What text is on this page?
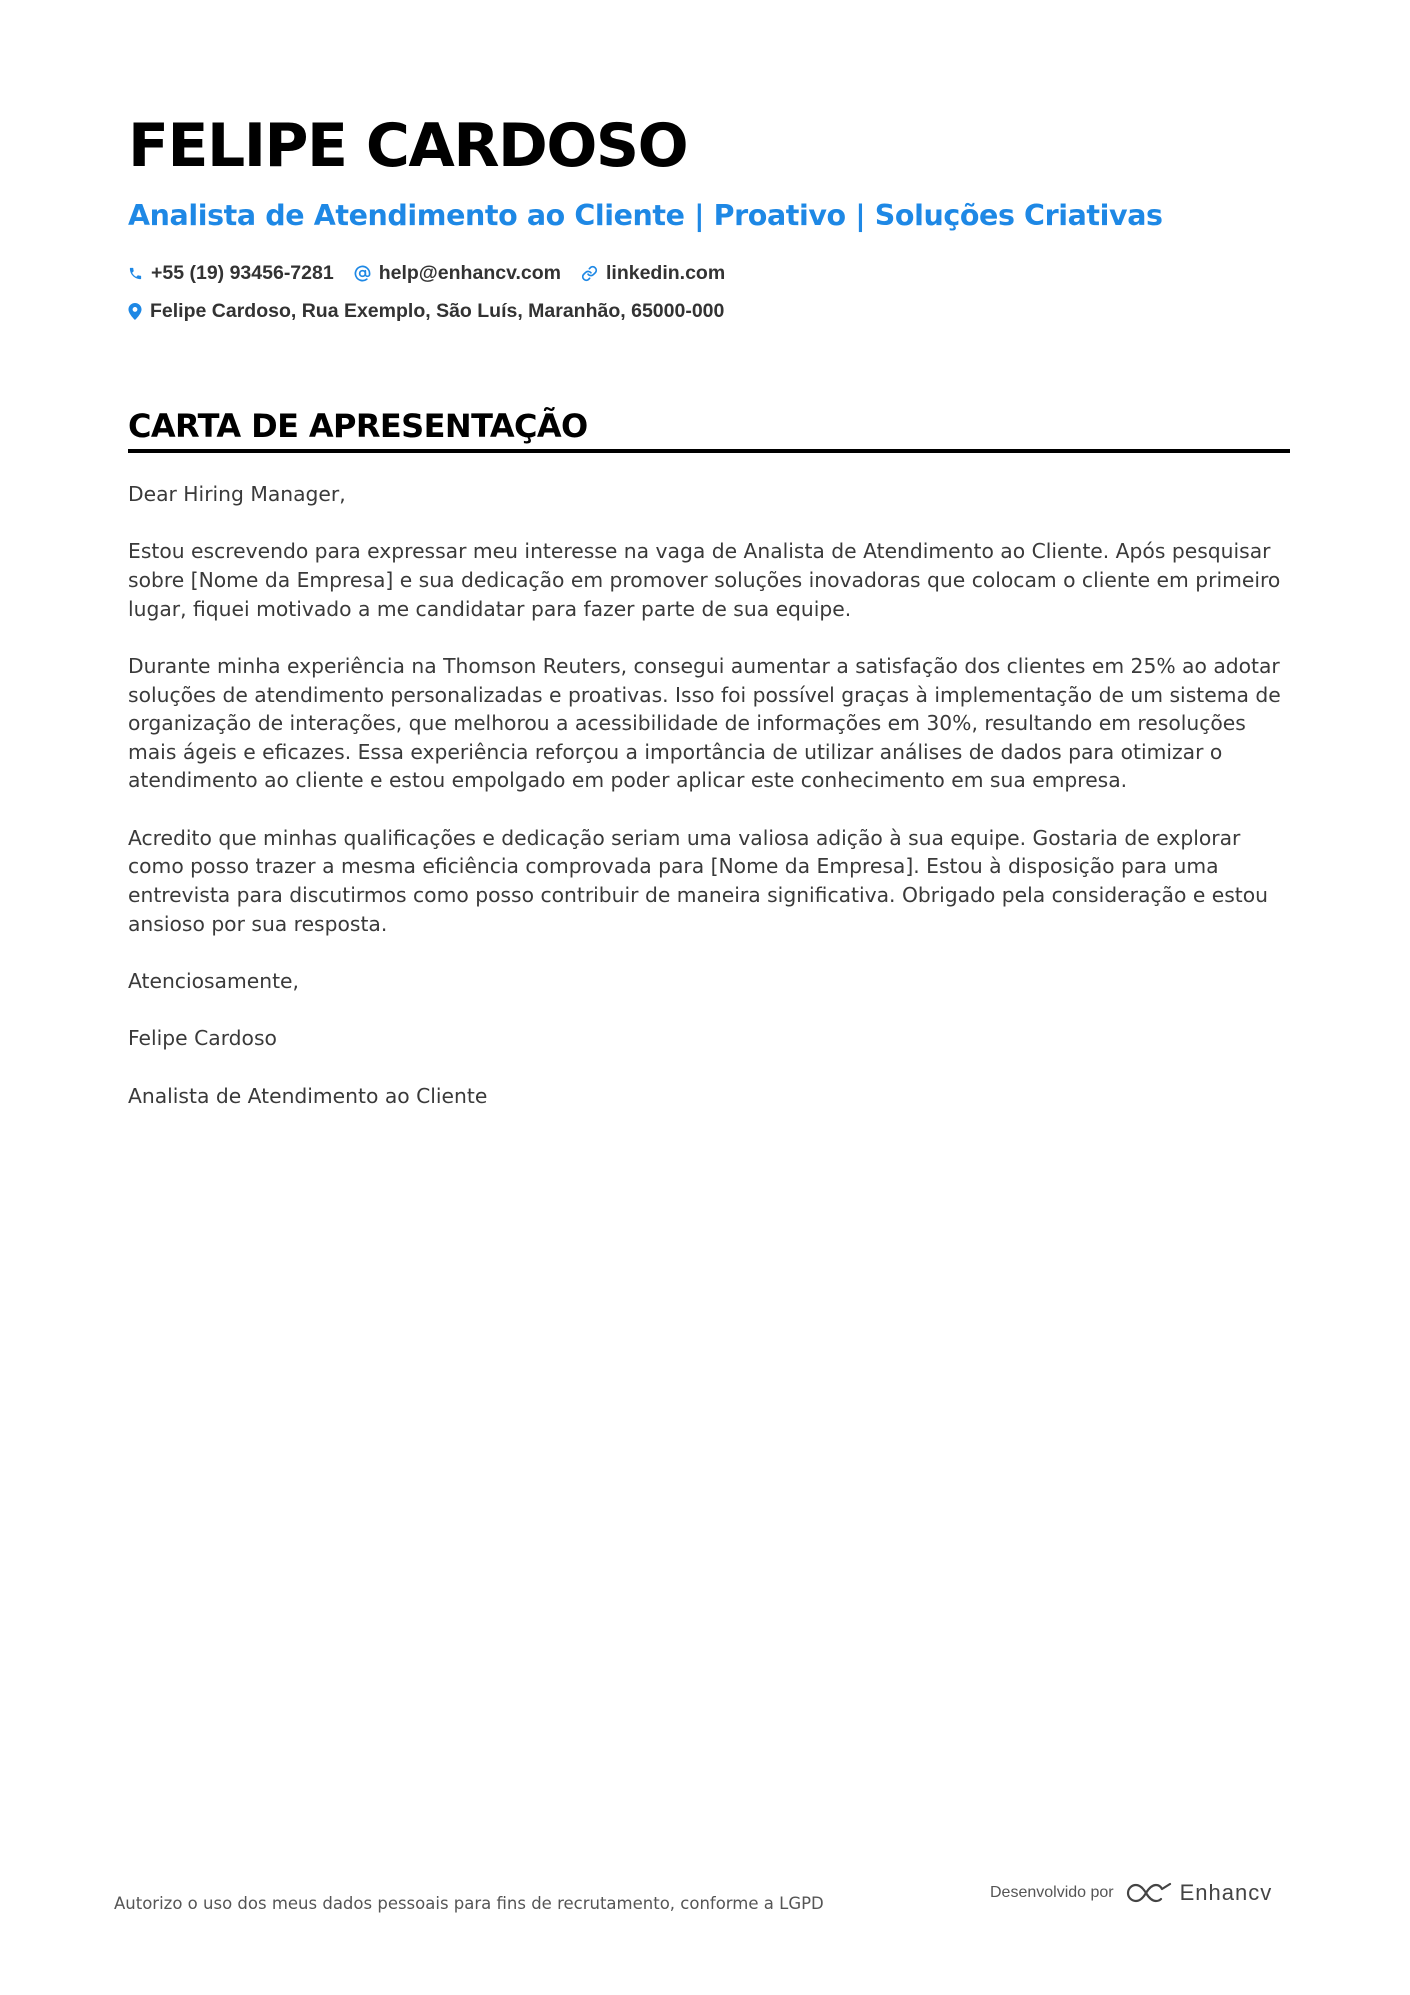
FELIPE CARDOSO
Analista de Atendimento ao Cliente | Proativo | Soluções Criativas
+55 (19) 93456-7281 help@enhancv.com linkedin.com
Felipe Cardoso, Rua Exemplo, São Luís, Maranhão, 65000-000
CARTA DE APRESENTAÇÃO

Dear Hiring Manager,

Estou escrevendo para expressar meu interesse na vaga de Analista de Atendimento ao Cliente. Após pesquisar sobre [Nome da Empresa] e sua dedicação em promover soluções inovadoras que colocam o cliente em primeiro lugar, fiquei motivado a me candidatar para fazer parte de sua equipe.

Durante minha experiência na Thomson Reuters, consegui aumentar a satisfação dos clientes em 25% ao adotar soluções de atendimento personalizadas e proativas. Isso foi possível graças à implementação de um sistema de organização de interações, que melhorou a acessibilidade de informações em 30%, resultando em resoluções mais ágeis e eficazes. Essa experiência reforçou a importância de utilizar análises de dados para otimizar o atendimento ao cliente e estou empolgado em poder aplicar este conhecimento em sua empresa.

Acredito que minhas qualificações e dedicação seriam uma valiosa adição à sua equipe. Gostaria de explorar como posso trazer a mesma eficiência comprovada para [Nome da Empresa]. Estou à disposição para uma entrevista para discutirmos como posso contribuir de maneira significativa. Obrigado pela consideração e estou ansioso por sua resposta.

Atenciosamente,

Felipe Cardoso

Analista de Atendimento ao Cliente

Autorizo o uso dos meus dados pessoais para fins de recrutamento, conforme a LGPD
Desenvolvido por	Enhancv
